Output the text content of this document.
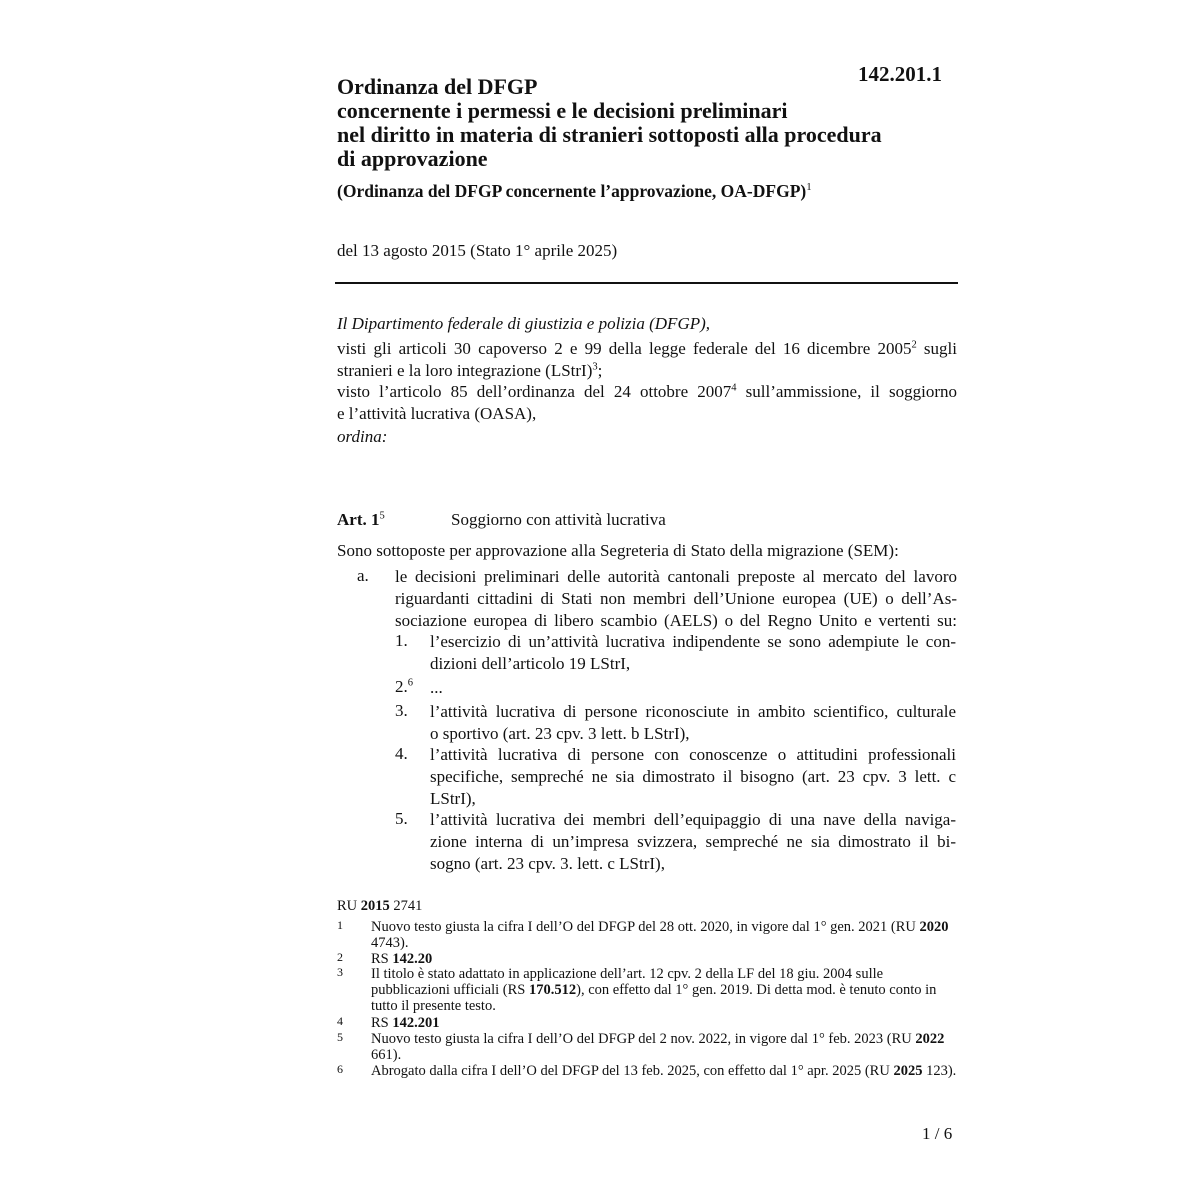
142.201.1
Ordinanza del DFGP
concernente i permessi e le decisioni preliminari
nel diritto in materia di stranieri sottoposti alla procedura
di approvazione
(Ordinanza del DFGP concernente l’approvazione, OA-DFGP)$^1$
del 13 agosto 2015 (Stato 1° aprile 2025)
Il Dipartimento federale di giustizia e polizia (DFGP),
visti gli articoli 30 capoverso 2 e 99 della legge federale del 16 dicembre 2005$^2$ sugli
stranieri e la loro integrazione (LStrI)$^3$;
visto l’articolo 85 dell’ordinanza del 24 ottobre 2007$^4$ sull’ammissione, il soggiorno
e l’attività lucrativa (OASA),
ordina:
Art. $1^5$	Soggiorno con attività lucrativa
Sono sottoposte per approvazione alla Segreteria di Stato della migrazione (SEM):
a. le decisioni preliminari delle autorità cantonali preposte al mercato del lavoro
riguardanti cittadini di Stati non membri dell’Unione europea (UE) o dell’As-
sociazione europea di libero scambio (AELS) o del Regno Unito e vertenti su:
1. l’esercizio di un’attività lucrativa indipendente se sono adempiute le con-
dizioni dell’articolo 19 LStrI,
2.$^6$ ...
3. l’attività lucrativa di persone riconosciute in ambito scientifico, culturale
o sportivo (art. 23 cpv. 3 lett. b LStrI),
4. l’attività lucrativa di persone con conoscenze o attitudini professionali
specifiche, sempreché ne sia dimostrato il bisogno (art. 23 cpv. 3 lett. c
LStrI),
5. l’attività lucrativa dei membri dell’equipaggio di una nave della naviga-
zione interna di un’impresa svizzera, sempreché ne sia dimostrato il bi-
sogno (art. 23 cpv. 3. lett. c LStrI),
RU 2015 2741
1 Nuovo testo giusta la cifra I dell’O del DFGP del 28 ott. 2020, in vigore dal 1° gen. 2021 (RU 2020 4743).
2 RS 142.20
3 Il titolo è stato adattato in applicazione dell’art. 12 cpv. 2 della LF del 18 giu. 2004 sulle pubblicazioni ufficiali (RS 170.512), con effetto dal 1° gen. 2019. Di detta mod. è tenuto conto in tutto il presente testo.
4 RS 142.201
5 Nuovo testo giusta la cifra I dell’O del DFGP del 2 nov. 2022, in vigore dal 1° feb. 2023 (RU 2022 661).
6 Abrogato dalla cifra I dell’O del DFGP del 13 feb. 2025, con effetto dal 1° apr. 2025 (RU 2025 123).
1 / 6
